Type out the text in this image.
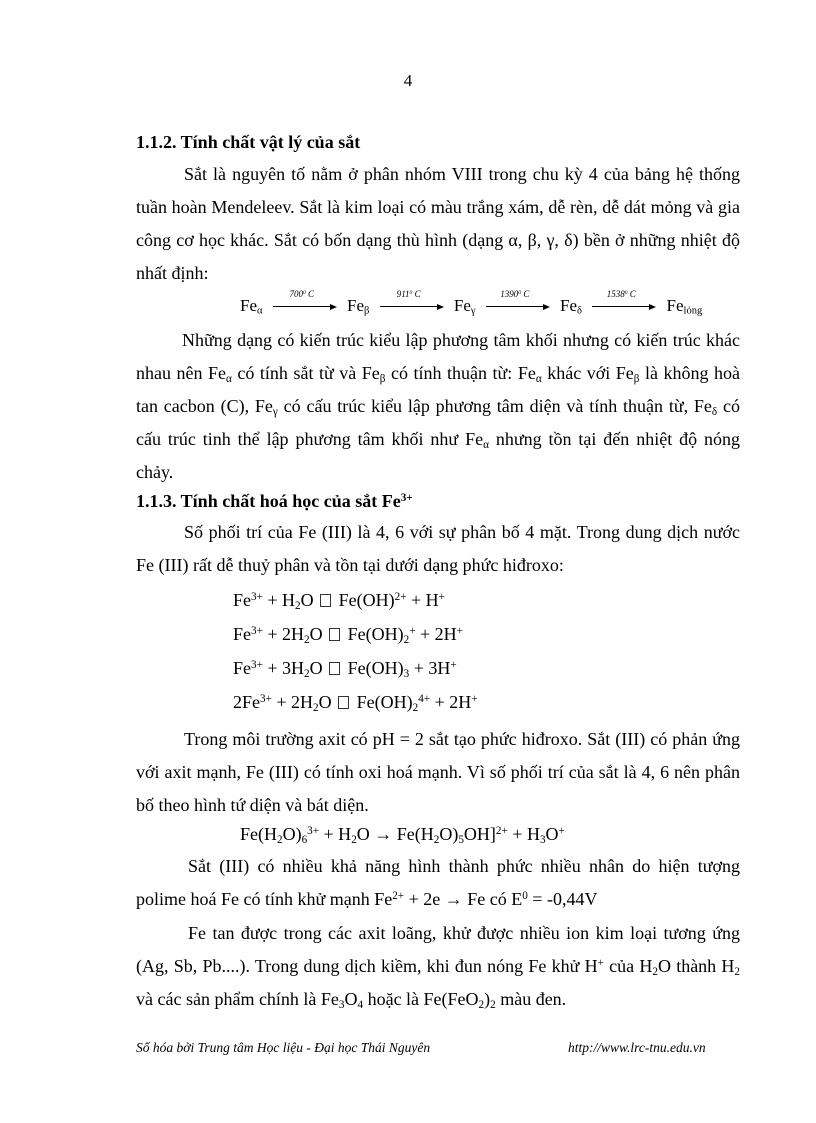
4
1.1.2. Tính chất vật lý của sắt
Sắt là nguyên tố nằm ở phân nhóm VIII trong chu kỳ 4 của bảng hệ thống tuần hoàn Mendeleev. Sắt là kim loại có màu trắng xám, dễ rèn, dễ dát mỏng và gia công cơ học khác. Sắt có bốn dạng thù hình (dạng α, β, γ, δ) bền ở những nhiệt độ nhất định:
$Fe_\alpha$
$700^0$ C
$Fe_\beta$
$911^0$ C
$Fe_\gamma$
1390$^0$ C
$Fe_\delta$
1538$^0$ C
$Fe_{lỏng}$
Những dạng có kiến trúc kiểu lập phương tâm khối nhưng có kiến trúc khác nhau nên $Fe_\alpha$ có tính sắt từ và $Fe_\beta$ có tính thuận từ: $Fe_\alpha$ khác với $Fe_\beta$ là không hoà tan cacbon (C), $Fe_\gamma$ có cấu trúc kiểu lập phương tâm diện và tính thuận từ, $Fe_\delta$ có cấu trúc tinh thể lập phương tâm khối như $Fe_\alpha$ nhưng tồn tại đến nhiệt độ nóng chảy.
1.1.3. Tính chất hoá học của sắt $Fe^{3+}$
Số phối trí của Fe (III) là 4, 6 với sự phân bố 4 mặt. Trong dung dịch nước Fe (III) rất dễ thuỷ phân và tồn tại dưới dạng phức hiđroxo:
$Fe^{3+} + H_2O$ Fe(OH)$^{2+}$ + H+
$Fe^{3+} + 2H_2O$ $Fe(OH)_2^+ + 2H^+$
$Fe^{3+} + 3H_2O$ $Fe(OH)_3 + 3H^+$
$2Fe^{3+} + 2H_2O$ $Fe(OH)_2^{4+} + 2H^+$
Trong môi trường axit có pH = 2 sắt tạo phức hiđroxo. Sắt (III) có phản ứng với axit mạnh, Fe (III) có tính oxi hoá mạnh. Vì số phối trí của sắt là 4, 6 nên phân bố theo hình tứ diện và bát diện.
$Fe(H_2O)_6^{3+} + H_2O \to Fe(H_2O)_5OH]^{2+} + H_3O^+$
Sắt (III) có nhiều khả năng hình thành phức nhiều nhân do hiện tượng polime hoá Fe có tính khử mạnh $Fe^{2+} + 2e \to Fe$ có $E^0 = -0,44V$
Fe tan được trong các axit loãng, khử được nhiều ion kim loại tương ứng (Ag, Sb, Pb....). Trong dung dịch kiềm, khi đun nóng Fe khử H+ của $H_2O$ thành $H_2$ và các sản phẩm chính là $Fe_3O_4$ hoặc là $Fe(FeO_2)_2$ màu đen.
Số hóa bởi Trung tâm Học liệu - Đại học Thái Nguyên	http://www.lrc-tnu.edu.vn
